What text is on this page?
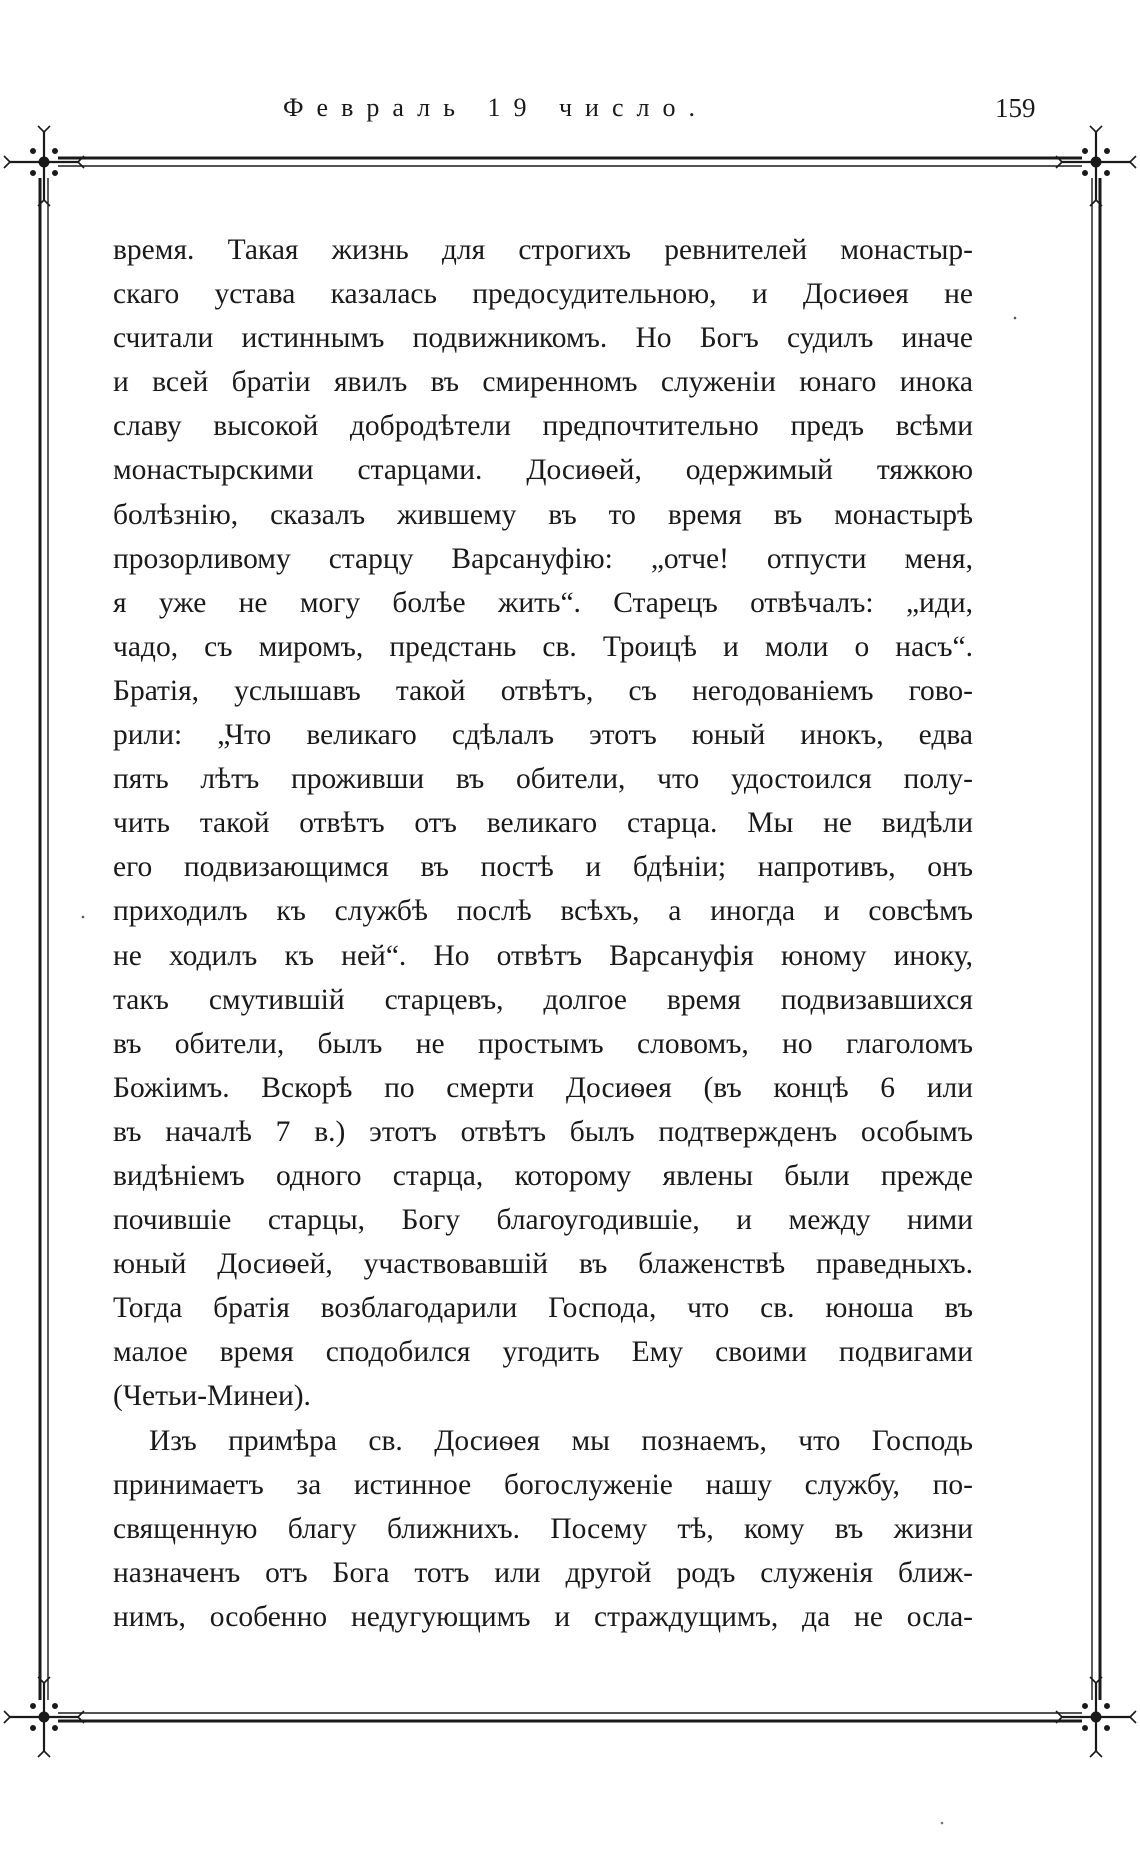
Февраль 19 число.	159
время. Такая жизнь для строгихъ ревнителей монастыр-
скаго устава казалась предосудительною, и Досиѳея не
считали истиннымъ подвижникомъ. Но Богъ судилъ иначе
и всей братiи явилъ въ смиренномъ служенiи юнаго инока
славу высокой добродѣтели предпочтительно предъ всѣми
монастырскими старцами. Досиѳей, одержимый тяжкою
болѣзнiю, сказалъ жившему въ то время въ монастырѣ
прозорливому старцу Варсануфiю: „отче! отпусти меня,
я уже не могу болѣе жить“. Старецъ отвѣчалъ: „иди,
чадо, съ миромъ, предстань св. Троицѣ и моли о насъ“.
Братiя, услышавъ такой отвѣтъ, съ негодованiемъ гово-
рили: „Что великаго сдѣлалъ этотъ юный инокъ, едва
пять лѣтъ проживши въ обители, что удостоился полу-
чить такой отвѣтъ отъ великаго старца. Мы не видѣли
его подвизающимся въ постѣ и бдѣнiи; напротивъ, онъ
приходилъ къ службѣ послѣ всѣхъ, а иногда и совсѣмъ
не ходилъ къ ней“. Но отвѣтъ Варсануфiя юному иноку,
такъ смутившiй старцевъ, долгое время подвизавшихся
въ обители, былъ не простымъ словомъ, но глаголомъ
Божiимъ. Вскорѣ по смерти Досиѳея (въ концѣ 6 или
въ началѣ 7 в.) этотъ отвѣтъ былъ подтвержденъ особымъ
видѣнiемъ одного старца, которому явлены были прежде
почившiе старцы, Богу благоугодившiе, и между ними
юный Досиѳей, участвовавшiй въ блаженствѣ праведныхъ.
Тогда братiя возблагодарили Господа, что св. юноша въ
малое время сподобился угодить Ему своими подвигами
(Четьи-Минеи).
Изъ примѣра св. Досиѳея мы познаемъ, что Господь
принимаетъ за истинное богослуженiе нашу службу, по-
священную благу ближнихъ. Посему тѣ, кому въ жизни
назначенъ отъ Бога тотъ или другой родъ служенiя ближ-
нимъ, особенно недугующимъ и страждущимъ, да не осла-
